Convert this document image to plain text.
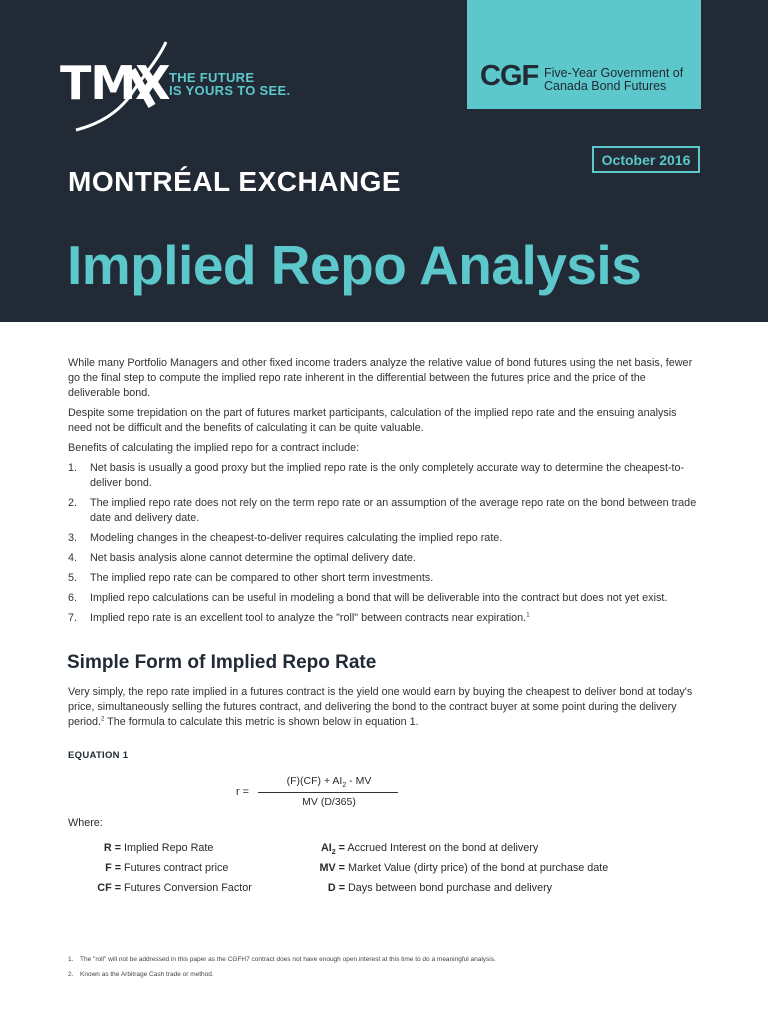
TMX THE FUTURE
IS YOURS TO SEE.	CGF Five-Year Government of
Canada Bond Futures
October 2016
MONTRÉAL EXCHANGE
Implied Repo Analysis

While many Portfolio Managers and other fixed income traders analyze the relative value of bond futures using the net basis, fewer go the final step to compute the implied repo rate inherent in the differential between the futures price and the price of the deliverable bond.

Despite some trepidation on the part of futures market participants, calculation of the implied repo rate and the ensuing analysis need not be difficult and the benefits of calculating it can be quite valuable.

Benefits of calculating the implied repo for a contract include:

1. Net basis is usually a good proxy but the implied repo rate is the only completely accurate way to determine the cheapest-to-deliver bond.
2. The implied repo rate does not rely on the term repo rate or an assumption of the average repo rate on the bond between trade date and delivery date.
3. Modeling changes in the cheapest-to-deliver requires calculating the implied repo rate.
4. Net basis analysis alone cannot determine the optimal delivery date.
5. The implied repo rate can be compared to other short term investments.
6. Implied repo calculations can be useful in modeling a bond that will be deliverable into the contract but does not yet exist.
7. Implied repo rate is an excellent tool to analyze the "roll" between contracts near expiration.$^1$
Simple Form of Implied Repo Rate
Very simply, the repo rate implied in a futures contract is the yield one would earn by buying the cheapest to deliver bond at today's price, simultaneously selling the futures contract, and delivering the bond to the contract buyer at some point during the delivery period.$^2$ The formula to calculate this metric is shown below in equation 1.
EQUATION 1
r =
$(F)(CF) + AI_2$ - MV
MV (D/365)
Where:
R = Implied Repo Rate
F = Futures contract price
CF = Futures Conversion Factor
$AI_2$ = Accrued Interest on the bond at delivery
MV = Market Value (dirty price) of the bond at purchase date
D = Days between bond purchase and delivery
1. The "roll" will not be addressed in this paper as the CGFH7 contract does not have enough open interest at this time to do a meaningful analysis.
2. Known as the Arbitrage Cash trade or method.
